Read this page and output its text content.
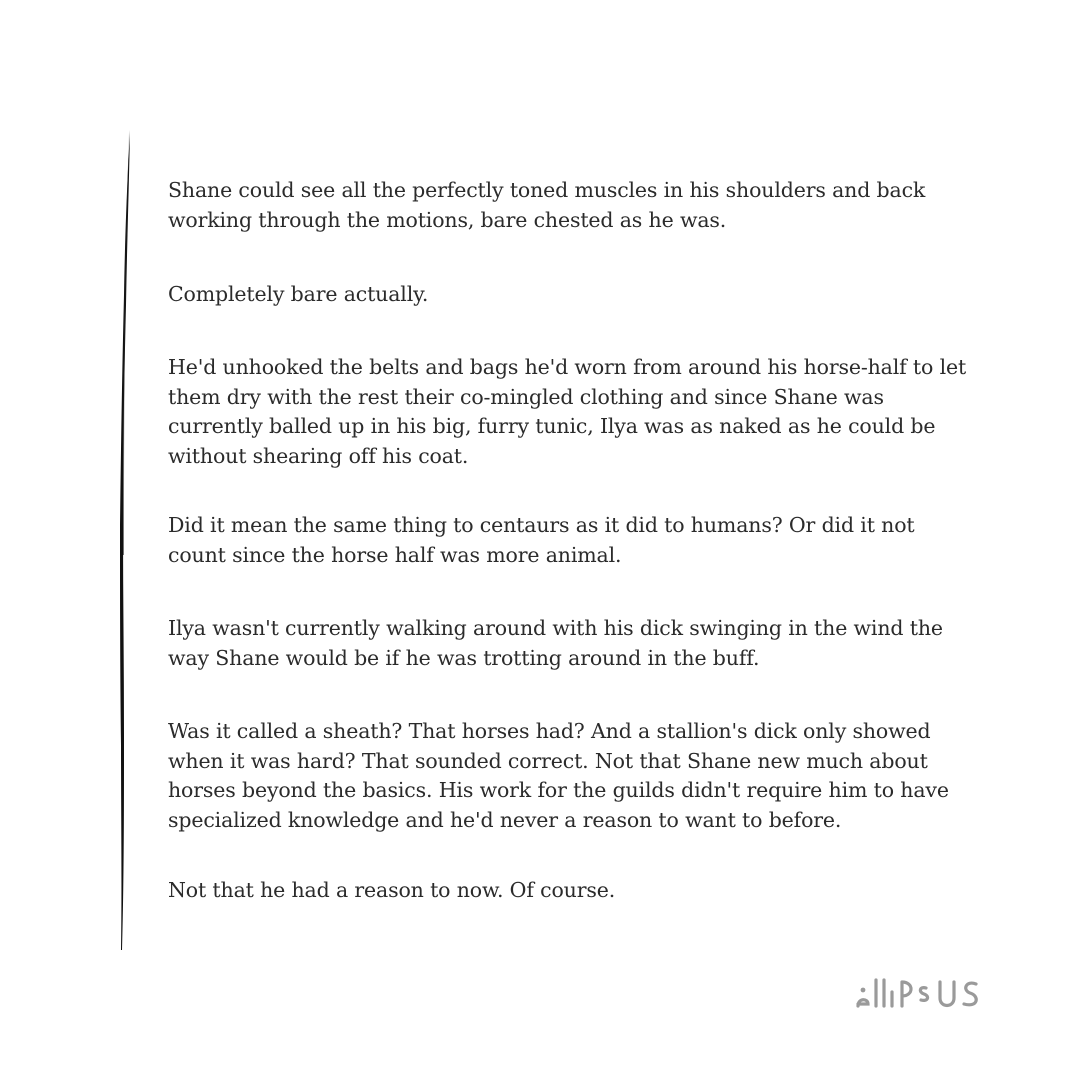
Shane could see all the perfectly toned muscles in his shoulders and back working through the motions, bare chested as he was.

Completely bare actually.

He'd unhooked the belts and bags he'd worn from around his horse-half to let them dry with the rest their co-mingled clothing and since Shane was currently balled up in his big, furry tunic, Ilya was as naked as he could be without shearing off his coat.

Did it mean the same thing to centaurs as it did to humans? Or did it not count since the horse half was more animal.

Ilya wasn't currently walking around with his dick swinging in the wind the way Shane would be if he was trotting around in the buff.

Was it called a sheath? That horses had? And a stallion's dick only showed when it was hard? That sounded correct. Not that Shane new much about horses beyond the basics. His work for the guilds didn't require him to have specialized knowledge and he'd never a reason to want to before.

Not that he had a reason to now. Of course.
